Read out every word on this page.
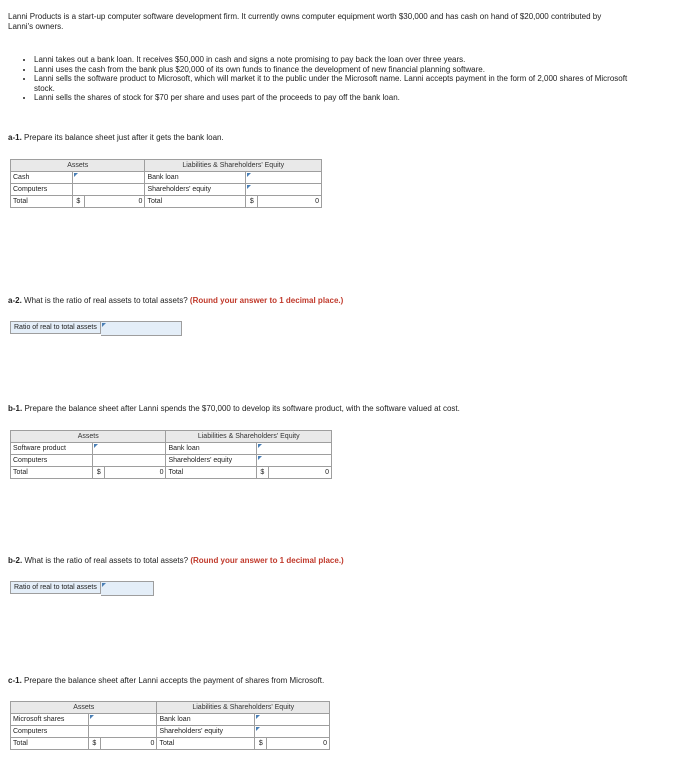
Lanni Products is a start-up computer software development firm. It currently owns computer equipment worth $30,000 and has cash on hand of $20,000 contributed by Lanni's owners.

• Lanni takes out a bank loan. It receives $50,000 in cash and signs a note promising to pay back the loan over three years.
• Lanni uses the cash from the bank plus $20,000 of its own funds to finance the development of new financial planning software.
• Lanni sells the software product to Microsoft, which will market it to the public under the Microsoft name. Lanni accepts payment in the form of 2,000 shares of Microsoft stock.
• Lanni sells the shares of stock for $70 per share and uses part of the proceeds to pay off the bank loan.

a-1. Prepare its balance sheet just after it gets the bank loan.

Assets			Liabilities & Shareholders' Equity		
Cash			Bank loan		
Computers			Shareholders' equity		
Total	$	0	Total	$	0

a-2. What is the ratio of real assets to total assets? (Round your answer to 1 decimal place.)

Ratio of real to total assets

b-1. Prepare the balance sheet after Lanni spends the $70,000 to develop its software product, with the software valued at cost.

Assets			Liabilities & Shareholders' Equity		
Software product			Bank loan		
Computers			Shareholders' equity		
Total	$	0	Total	$	0

b-2. What is the ratio of real assets to total assets? (Round your answer to 1 decimal place.)

Ratio of real to total assets

c-1. Prepare the balance sheet after Lanni accepts the payment of shares from Microsoft.

Assets			Liabilities & Shareholders' Equity		
Microsoft shares			Bank loan		
Computers			Shareholders' equity		
Total	$	0	Total	$	0
